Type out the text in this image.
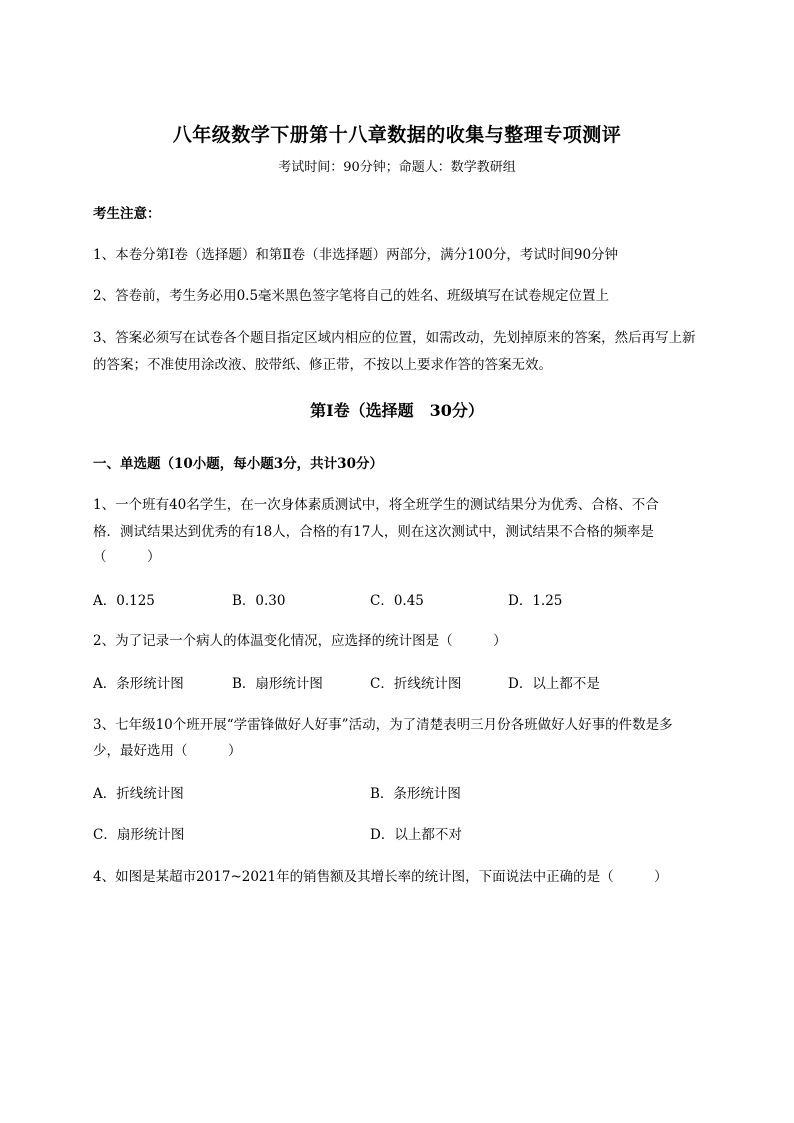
八年级数学下册第十八章数据的收集与整理专项测评
考试时间：90分钟；命题人：数学教研组
考生注意：
1、本卷分第I卷（选择题）和第Ⅱ卷（非选择题）两部分，满分100分，考试时间90分钟
2、答卷前，考生务必用0.5毫米黑色签字笔将自己的姓名、班级填写在试卷规定位置上
3、答案必须写在试卷各个题目指定区域内相应的位置，如需改动，先划掉原来的答案，然后再写上新
的答案；不准使用涂改液、胶带纸、修正带，不按以上要求作答的答案无效。
第I卷（选择题　30分）
一、单选题（10小题，每小题3分，共计30分）
1、一个班有40名学生，在一次身体素质测试中，将全班学生的测试结果分为优秀、合格、不合
格．测试结果达到优秀的有18人，合格的有17人，则在这次测试中，测试结果不合格的频率是
（　　　）
A．0.125	B．0.30	C．0.45	D．1.25
2、为了记录一个病人的体温变化情况，应选择的统计图是（　　　）
A．条形统计图	B．扇形统计图	C．折线统计图	D．以上都不是
3、七年级10个班开展“学雷锋做好人好事”活动，为了清楚表明三月份各班做好人好事的件数是多
少，最好选用（　　　）
A．折线统计图	B．条形统计图
C．扇形统计图	D．以上都不对
4、如图是某超市2017~2021年的销售额及其增长率的统计图，下面说法中正确的是（　　　）
